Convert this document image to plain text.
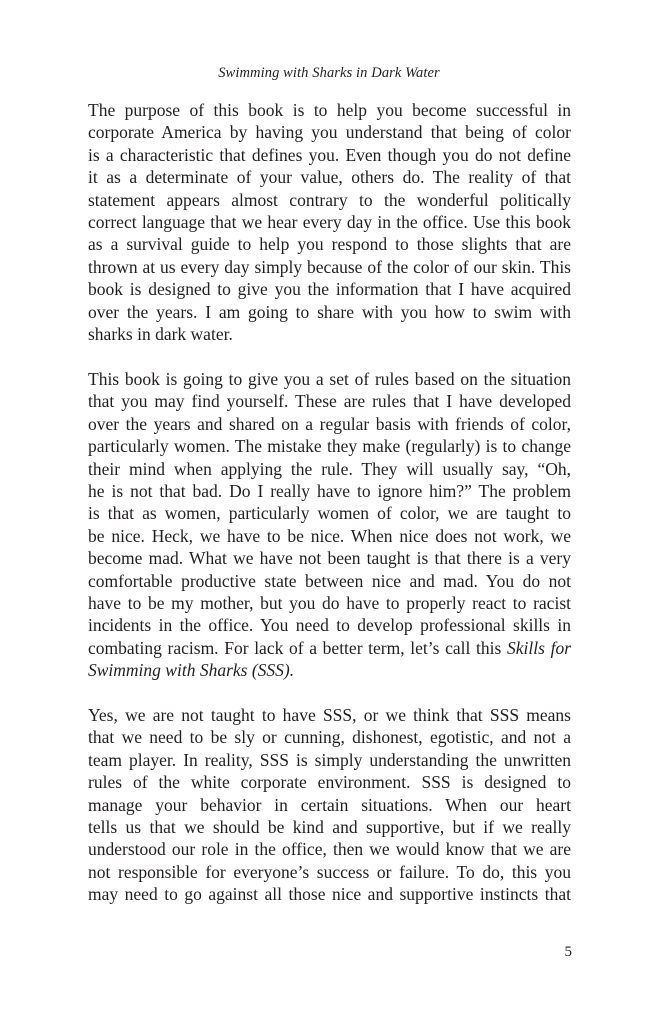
Swimming with Sharks in Dark Water
The purpose of this book is to help you become successful in
corporate America by having you understand that being of color
is a characteristic that defines you. Even though you do not define
it as a determinate of your value, others do. The reality of that
statement appears almost contrary to the wonderful politically
correct language that we hear every day in the office. Use this book
as a survival guide to help you respond to those slights that are
thrown at us every day simply because of the color of our skin. This
book is designed to give you the information that I have acquired
over the years. I am going to share with you how to swim with
sharks in dark water.
This book is going to give you a set of rules based on the situation
that you may find yourself. These are rules that I have developed
over the years and shared on a regular basis with friends of color,
particularly women. The mistake they make (regularly) is to change
their mind when applying the rule. They will usually say, “Oh,
he is not that bad. Do I really have to ignore him?” The problem
is that as women, particularly women of color, we are taught to
be nice. Heck, we have to be nice. When nice does not work, we
become mad. What we have not been taught is that there is a very
comfortable productive state between nice and mad. You do not
have to be my mother, but you do have to properly react to racist
incidents in the office. You need to develop professional skills in
combating racism. For lack of a better term, let’s call this Skills for
Swimming with Sharks (SSS).
Yes, we are not taught to have SSS, or we think that SSS means
that we need to be sly or cunning, dishonest, egotistic, and not a
team player. In reality, SSS is simply understanding the unwritten
rules of the white corporate environment. SSS is designed to
manage your behavior in certain situations. When our heart
tells us that we should be kind and supportive, but if we really
understood our role in the office, then we would know that we are
not responsible for everyone’s success or failure. To do, this you
may need to go against all those nice and supportive instincts that
5
